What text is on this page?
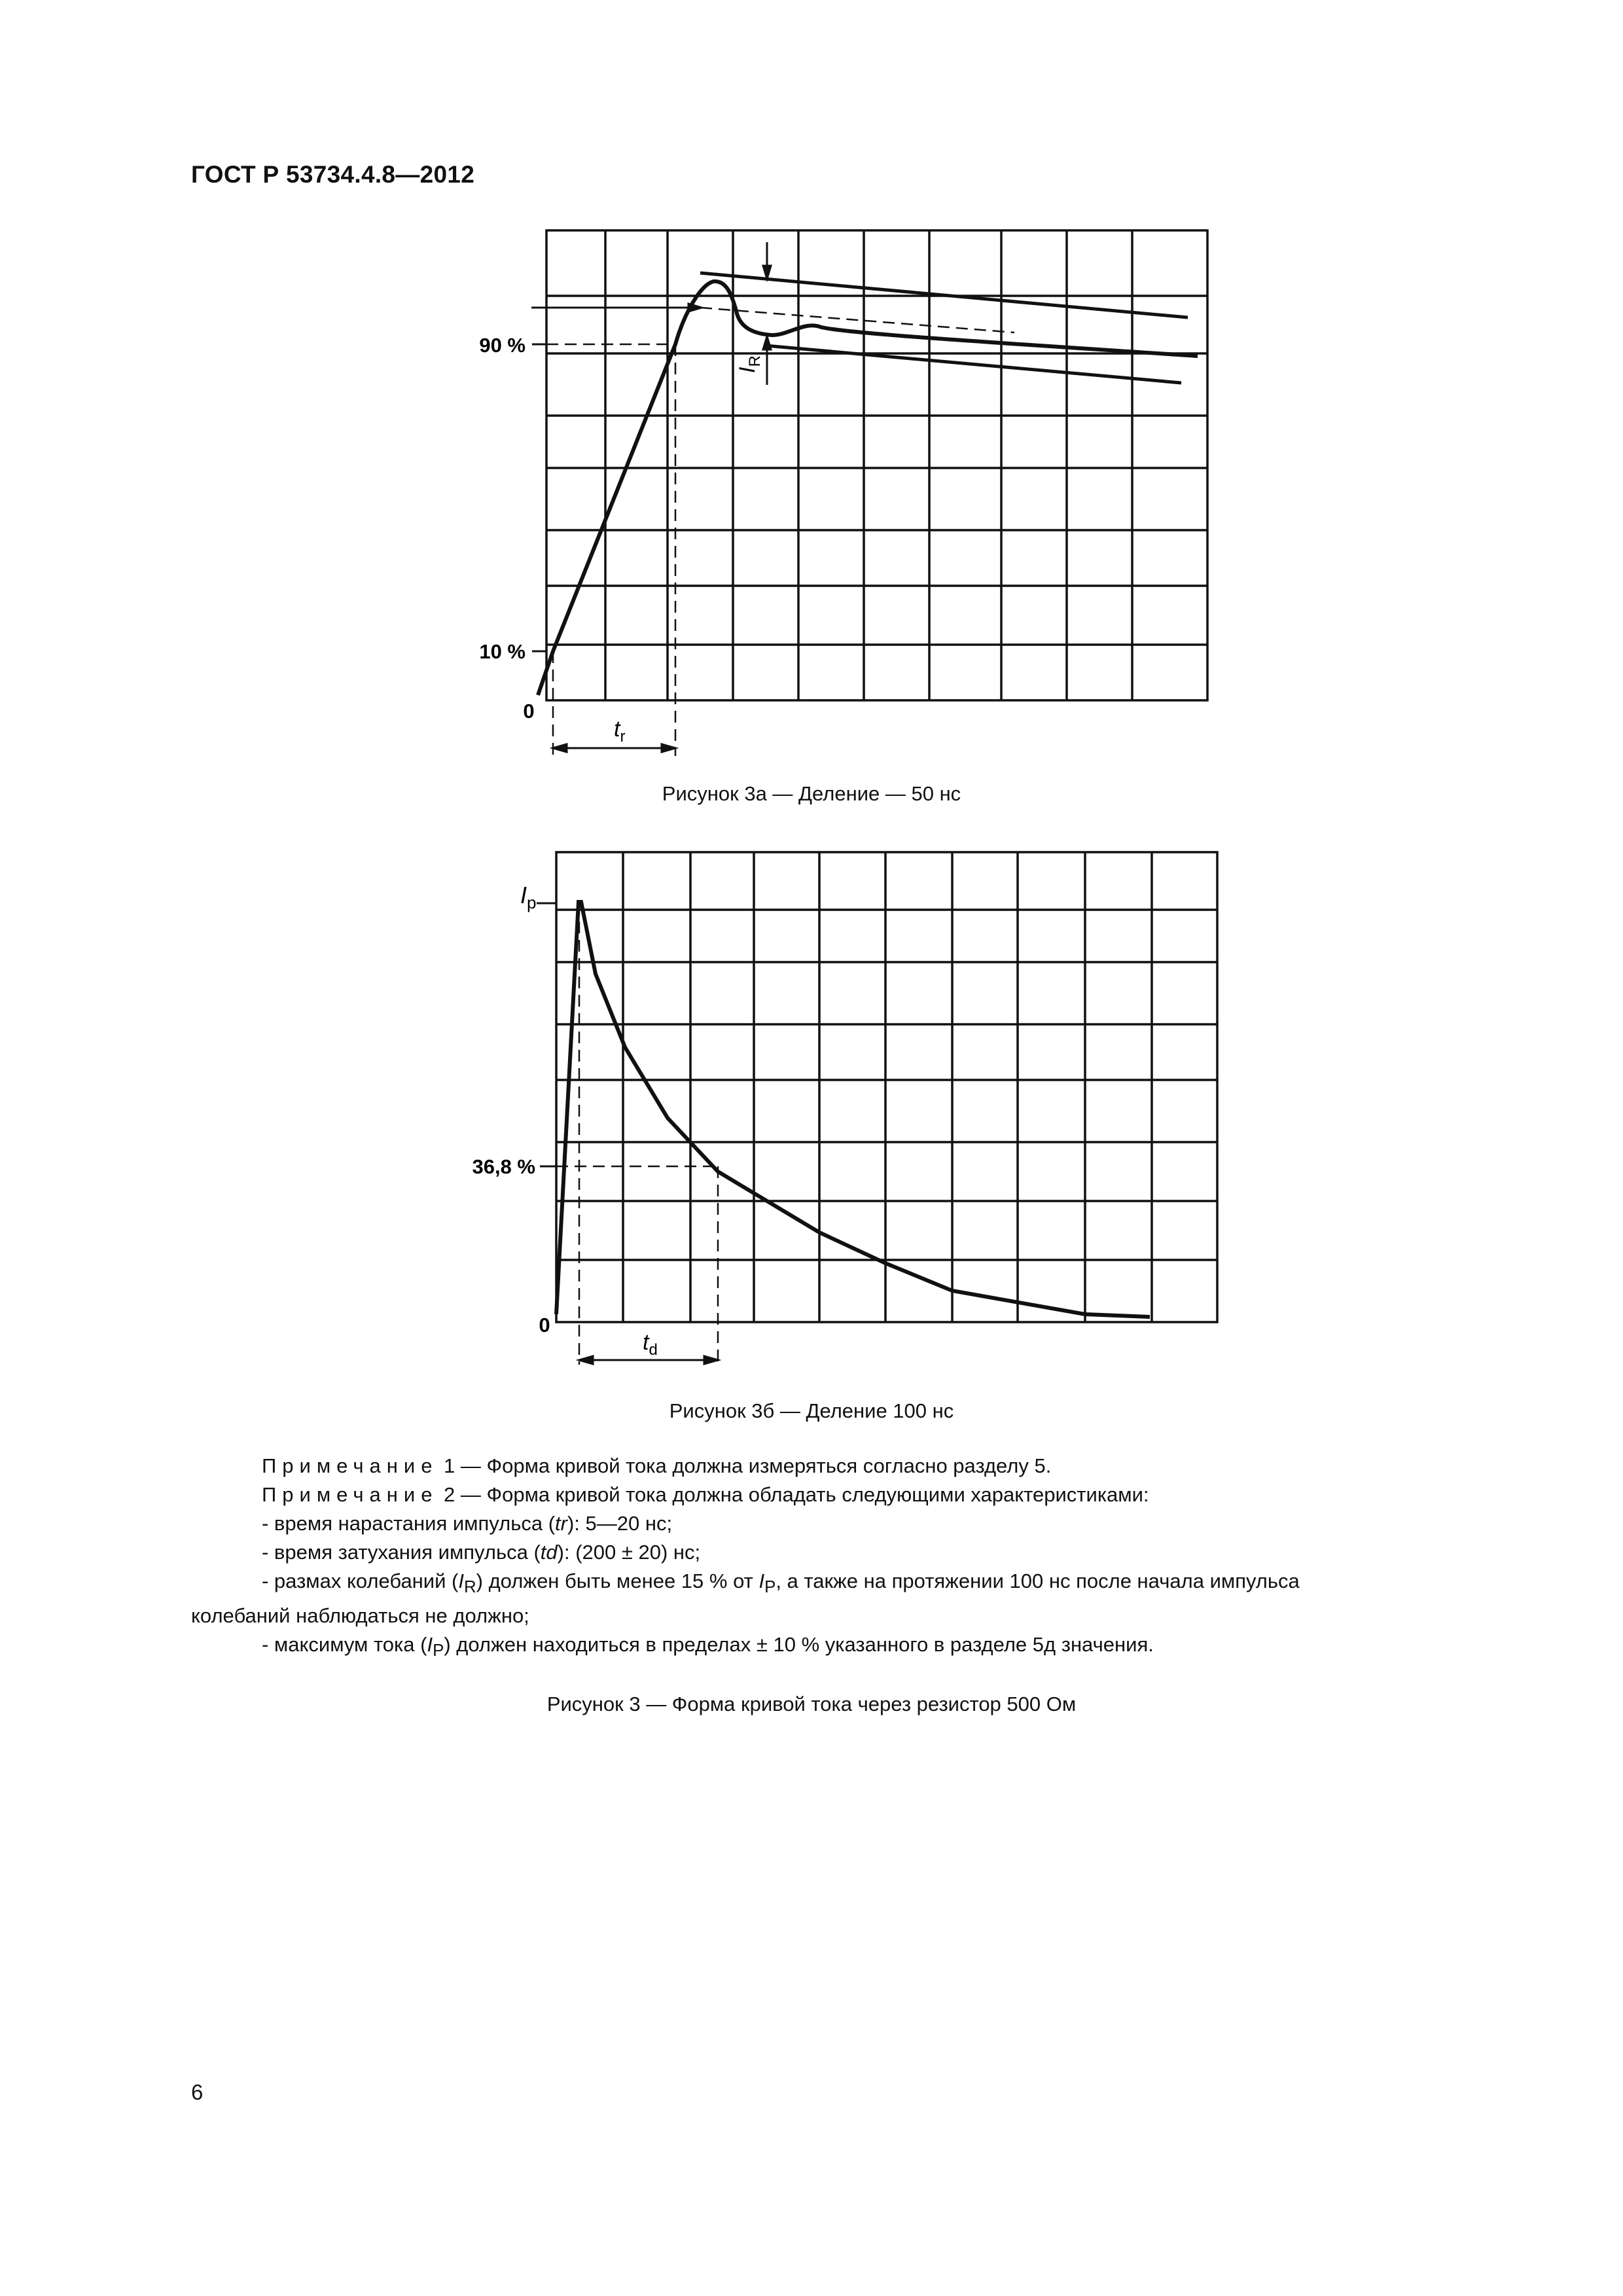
ГОСТ Р 53734.4.8—2012
90 %
10 %
0
$t_r$
$I_R$
Рисунок 3а — Деление — 50 нс
$I_p$
36,8 %
0
$t_d$
Рисунок 3б — Деление 100 нс
Примечание 1 — Форма кривой тока должна измеряться согласно разделу 5.
Примечание 2 — Форма кривой тока должна обладать следующими характеристиками:
- время нарастания импульса (tr): 5—20 нс;
- время затухания импульса (td): (200 ± 20) нс;
- размах колебаний $(I_R)$ должен быть менее 15 % от $I_P$, а также на протяжении 100 нс после начала импульса
колебаний наблюдаться не должно;
- максимум тока $(I_P)$ должен находиться в пределах ± 10 % указанного в разделе 5д значения.
Рисунок 3 — Форма кривой тока через резистор 500 Ом
6
